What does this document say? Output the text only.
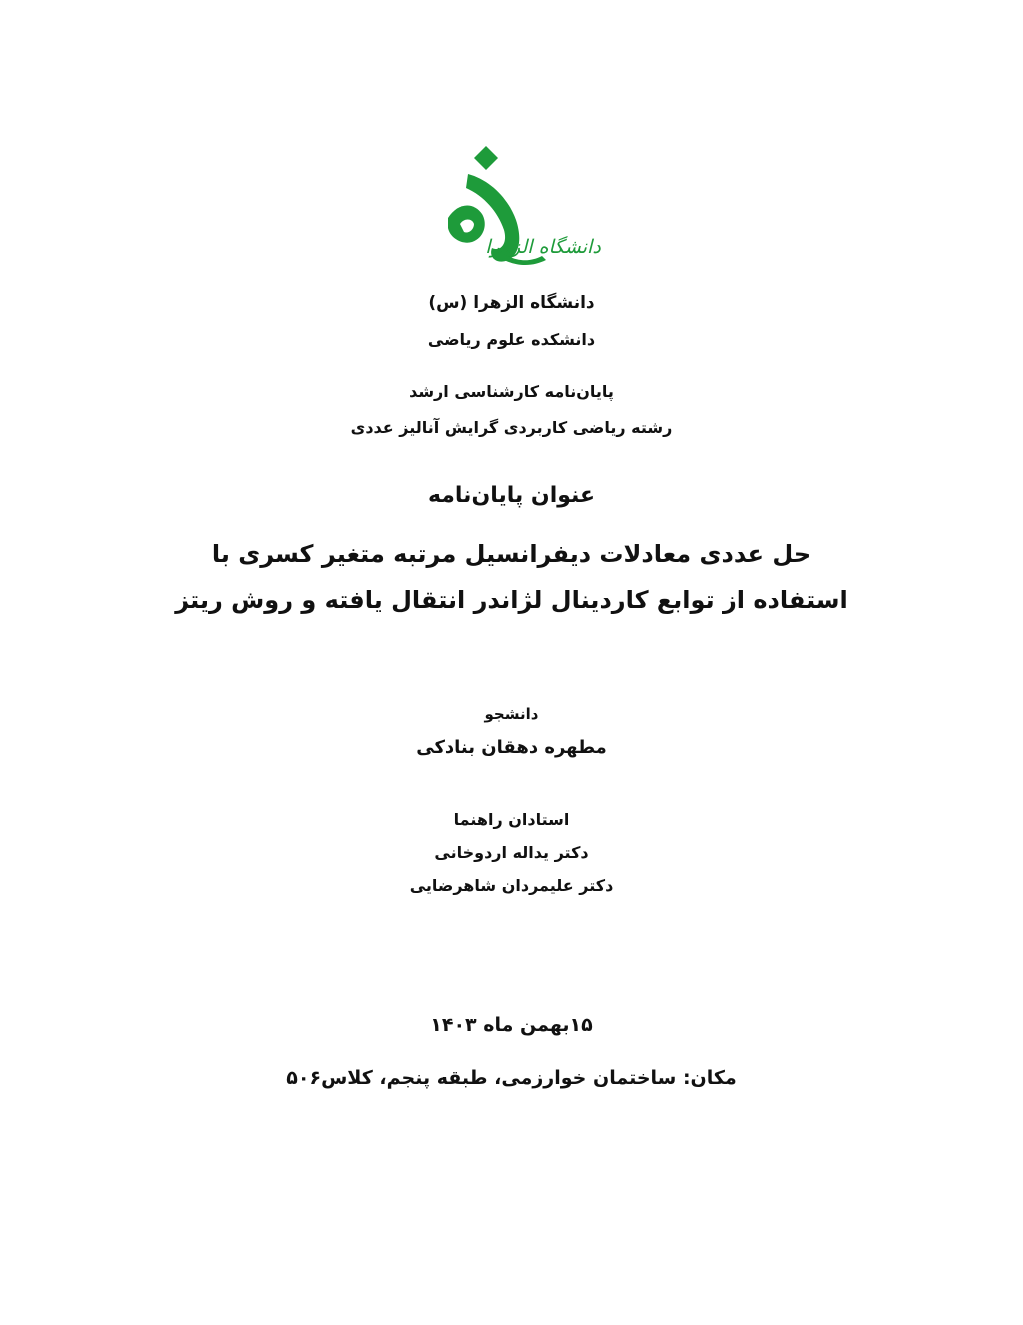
دانشگاه الزهرا
دانشگاه الزهرا (س)
دانشکده علوم ریاضی
پایان‌نامه کارشناسی ارشد
رشته ریاضی کاربردی گرایش آنالیز عددی
عنوان پایان‌نامه
حل عددی معادلات دیفرانسیل مرتبه متغیر کسری با
استفاده از توابع کاردینال لژاندر انتقال یافته و روش ریتز
دانشجو
مطهره دهقان بنادکی
استادان راهنما
دکتر یداله اردوخانی
دکتر علیمردان شاهرضایی
۱۵بهمن ماه ۱۴۰۳
مکان: ساختمان خوارزمی، طبقه پنجم، کلاس۵۰۶
